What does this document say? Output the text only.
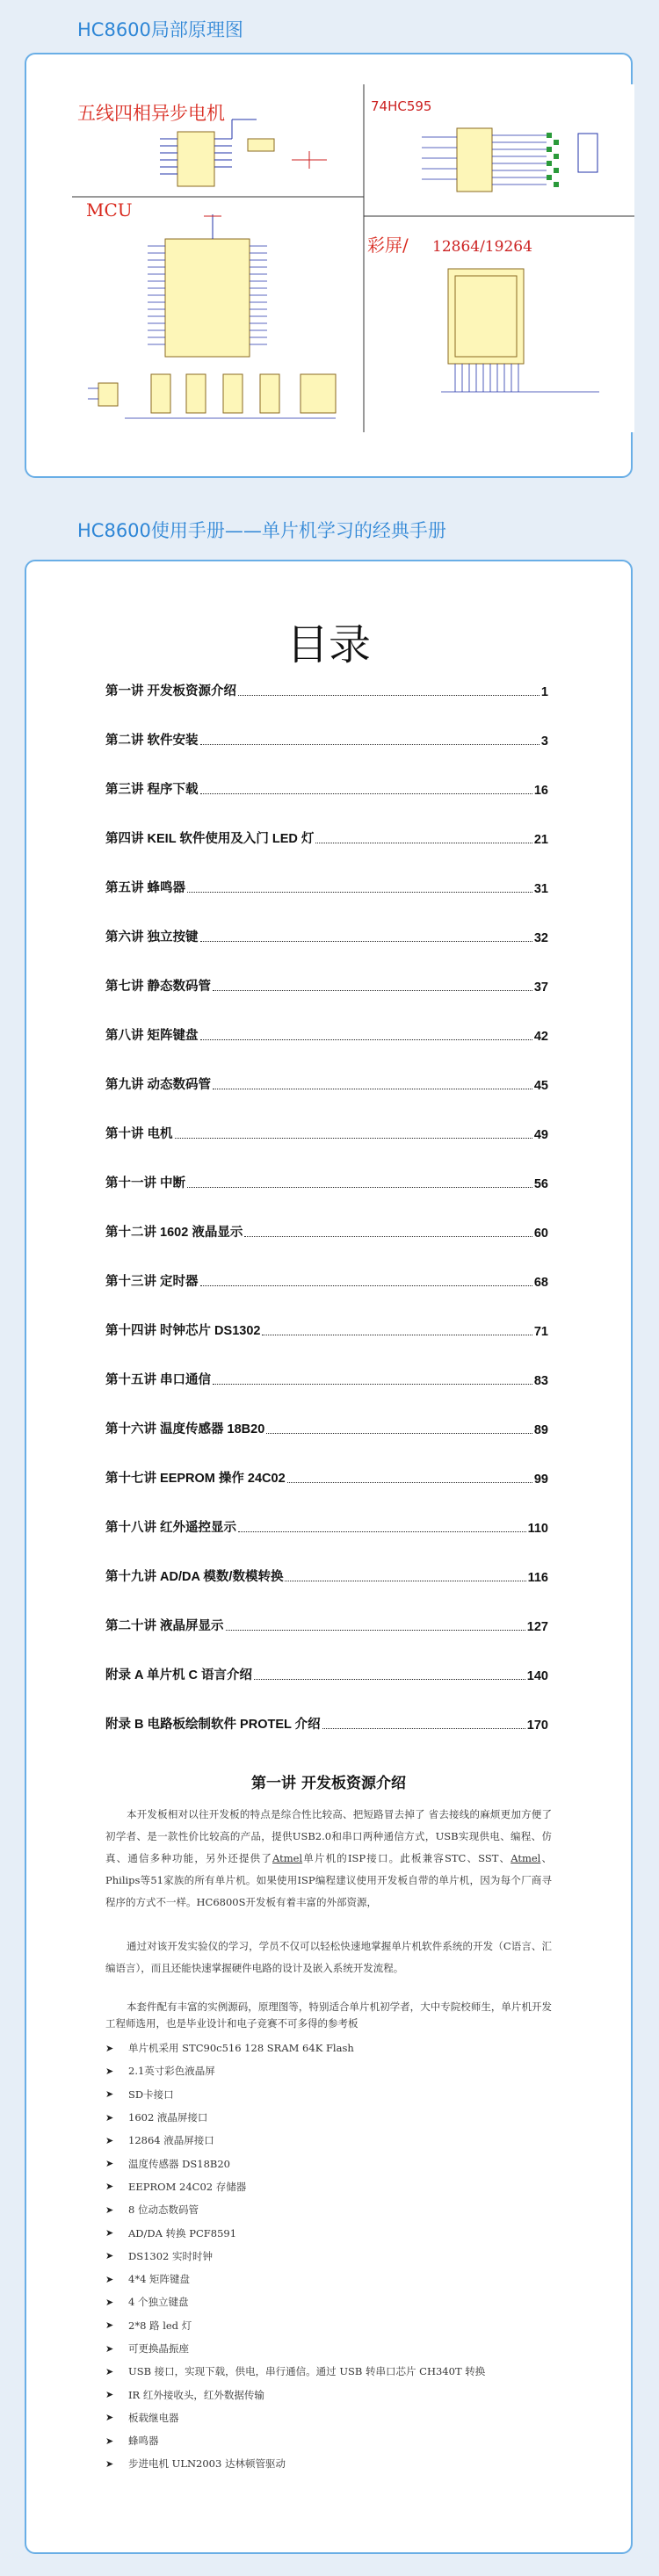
HC8600局部原理图
五线四相异步电机
MCU
74HC595
彩屏/ 12864/19264
HC8600使用手册——单片机学习的经典手册
目录
第一讲 开发板资源介绍	1
第二讲 软件安装	3
第三讲 程序下载	16
第四讲 KEIL 软件使用及入门 LED 灯	21
第五讲 蜂鸣器	31
第六讲 独立按键	32
第七讲 静态数码管	37
第八讲 矩阵键盘	42
第九讲 动态数码管	45
第十讲 电机	49
第十一讲 中断	56
第十二讲 1602 液晶显示	60
第十三讲 定时器	68
第十四讲 时钟芯片 DS1302	71
第十五讲 串口通信	83
第十六讲 温度传感器 18B20	89
第十七讲 EEPROM 操作 24C02	99
第十八讲 红外遥控显示	110
第十九讲 AD/DA 模数/数模转换	116
第二十讲 液晶屏显示	127
附录 A 单片机 C 语言介绍	140
附录 B 电路板绘制软件 PROTEL 介绍	170
第一讲 开发板资源介绍
本开发板相对以往开发板的特点是综合性比较高、把短路冒去掉了 省去接线的麻烦更加方便了初学者、是一款性价比较高的产品，提供USB2.0和串口两种通信方式，USB实现供电、编程、仿真、通信多种功能，另外还提供了Atmel单片机的ISP接口。此板兼容STC、SST、Atmel、Philips等51家族的所有单片机。如果使用ISP编程建议使用开发板自带的单片机，因为每个厂商寻程序的方式不一样。HC6800S开发板有着丰富的外部资源，
通过对该开发实验仪的学习，学员不仅可以轻松快速地掌握单片机软件系统的开发（C语言、汇编语言），而且还能快速掌握硬件电路的设计及嵌入系统开发流程。
本套件配有丰富的实例源码，原理图等，特别适合单片机初学者，大中专院校师生，单片机开发工程师选用，也是毕业设计和电子竞赛不可多得的参考板
➤	单片机采用 STC90c516 128 SRAM 64K Flash
➤	2.1英寸彩色液晶屏
➤	SD卡接口
➤	1602 液晶屏接口
➤	12864 液晶屏接口
➤	温度传感器 DS18B20
➤	EEPROM 24C02 存储器
➤	8 位动态数码管
➤	AD/DA 转换 PCF8591
➤	DS1302 实时时钟
➤	4*4 矩阵键盘
➤	4 个独立键盘
➤	2*8 路 led 灯
➤	可更换晶振座
➤	USB 接口，实现下载，供电，串行通信。通过 USB 转串口芯片 CH340T 转换
➤	IR 红外接收头，红外数据传输
➤	板载继电器
➤	蜂鸣器
➤	步进电机 ULN2003 达林顿管驱动
